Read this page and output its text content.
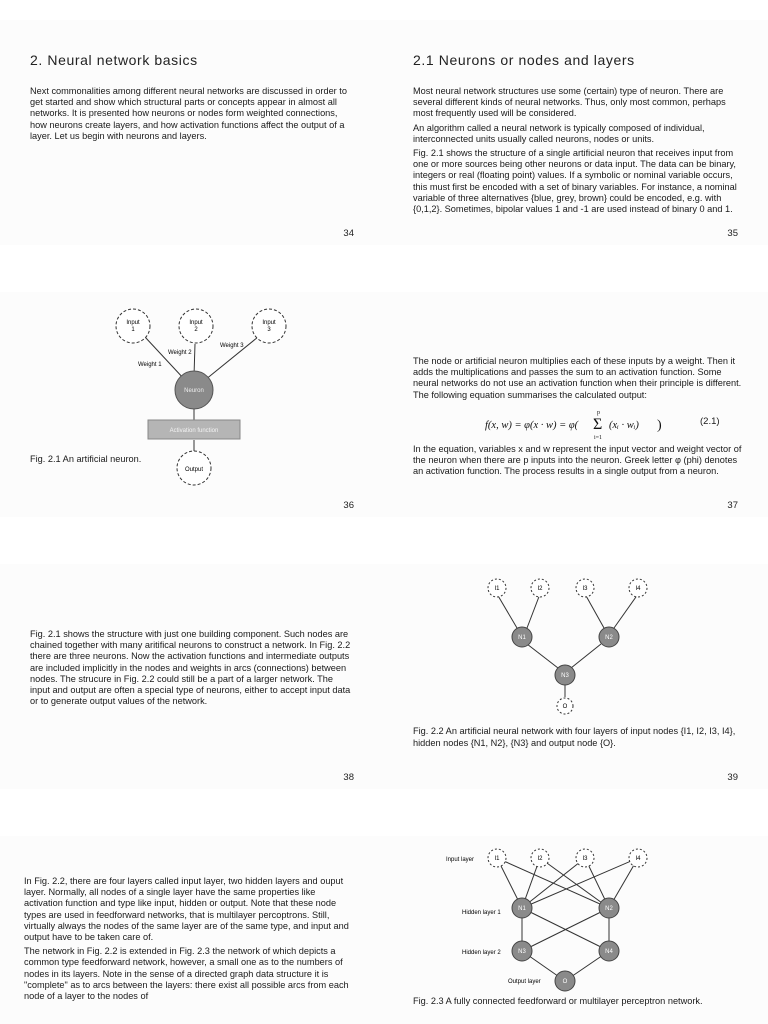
2. Neural network basics
Next commonalities among different neural networks are discussed in order to get started and show which structural parts or concepts appear in almost all networks. It is presented how neurons or nodes form weighted connections, how neurons create layers, and how activation functions affect the output of a layer. Let us begin with neurons and layers.
34
2.1 Neurons or nodes and layers

Most neural network structures use some (certain) type of neuron. There are several different kinds of neural networks. Thus, only most common, perhaps most frequently used will be considered.

An algorithm called a neural network is typically composed of individual, interconnected units usually called neurons, nodes or units.

Fig. 2.1 shows the structure of a single artificial neuron that receives input from one or more sources being other neurons or data input. The data can be binary, integers or real (floating point) values. If a symbolic or nominal variable occurs, this must first be encoded with a set of binary variables. For instance, a nominal variable of three alternatives {blue, grey, brown} could be encoded, e.g. with {0,1,2}. Sometimes, bipolar values 1 and -1 are used instead of binary 0 and 1.

35
Input 1
Input 2
Input 3
Weight 1
Weight 2
Weight 3
Neuron
Activation function
Output
Fig. 2.1 An artificial neuron.
36
The node or artificial neuron multiplies each of these inputs by a weight. Then it adds the multiplications and passes the sum to an activation function. Some neural networks do not use an activation function when their principle is different. The following equation summarises the calculated output:
f(x, w) = φ(x · w) = φ(
p
Σ
i=1
(xᵢ · wᵢ) )	(2.1)
In the equation, variables x and w represent the input vector and weight vector of the neuron when there are p inputs into the neuron. Greek letter φ (phi) denotes an activation function. The process results in a single output from a neuron.
37
Fig. 2.1 shows the structure with just one building component. Such nodes are chained together with many aritifical neurons to construct a network. In Fig. 2.2 there are three neurons. Now the activation functions and intermediate outputs are included implicitly in the nodes and weights in arcs (connections) between nodes. The strucure in Fig. 2.2 could still be a part of a larger network. The input and output are often a special type of neurons, either to accept input data or to generate output values of the network.
38
I1	I2	I3	I4
N1	N2
N3
O
Fig. 2.2 An artificial neural network with four layers of input nodes {I1, I2, I3, I4}, hidden nodes {N1, N2}, {N3} and output node {O}.
39

In Fig. 2.2, there are four layers called input layer, two hidden layers and ouput layer. Normally, all nodes of a single layer have the same properties like activation function and type like input, hidden or output. Note that these node types are used in feedforward networks, that is multilayer percoptrons. Still, virtually always the nodes of the same layer are of the same type, and input and output have to be taken care of.

The network in Fig. 2.2 is extended in Fig. 2.3 the network of which depicts a common type feedforward network, however, a small one as to the numbers of nodes in its layers. Note in the sense of a directed graph data structure it is "complete" as to arcs between the layers: there exist all possible arcs from each node of a layer to the nodes of

Input layer
Hidden layer 1
Hidden layer 2
Output layer
I1	I2	I3	I4
N1	N2
N3	N4
O
Fig. 2.3 A fully connected feedforward or multilayer perceptron network.
